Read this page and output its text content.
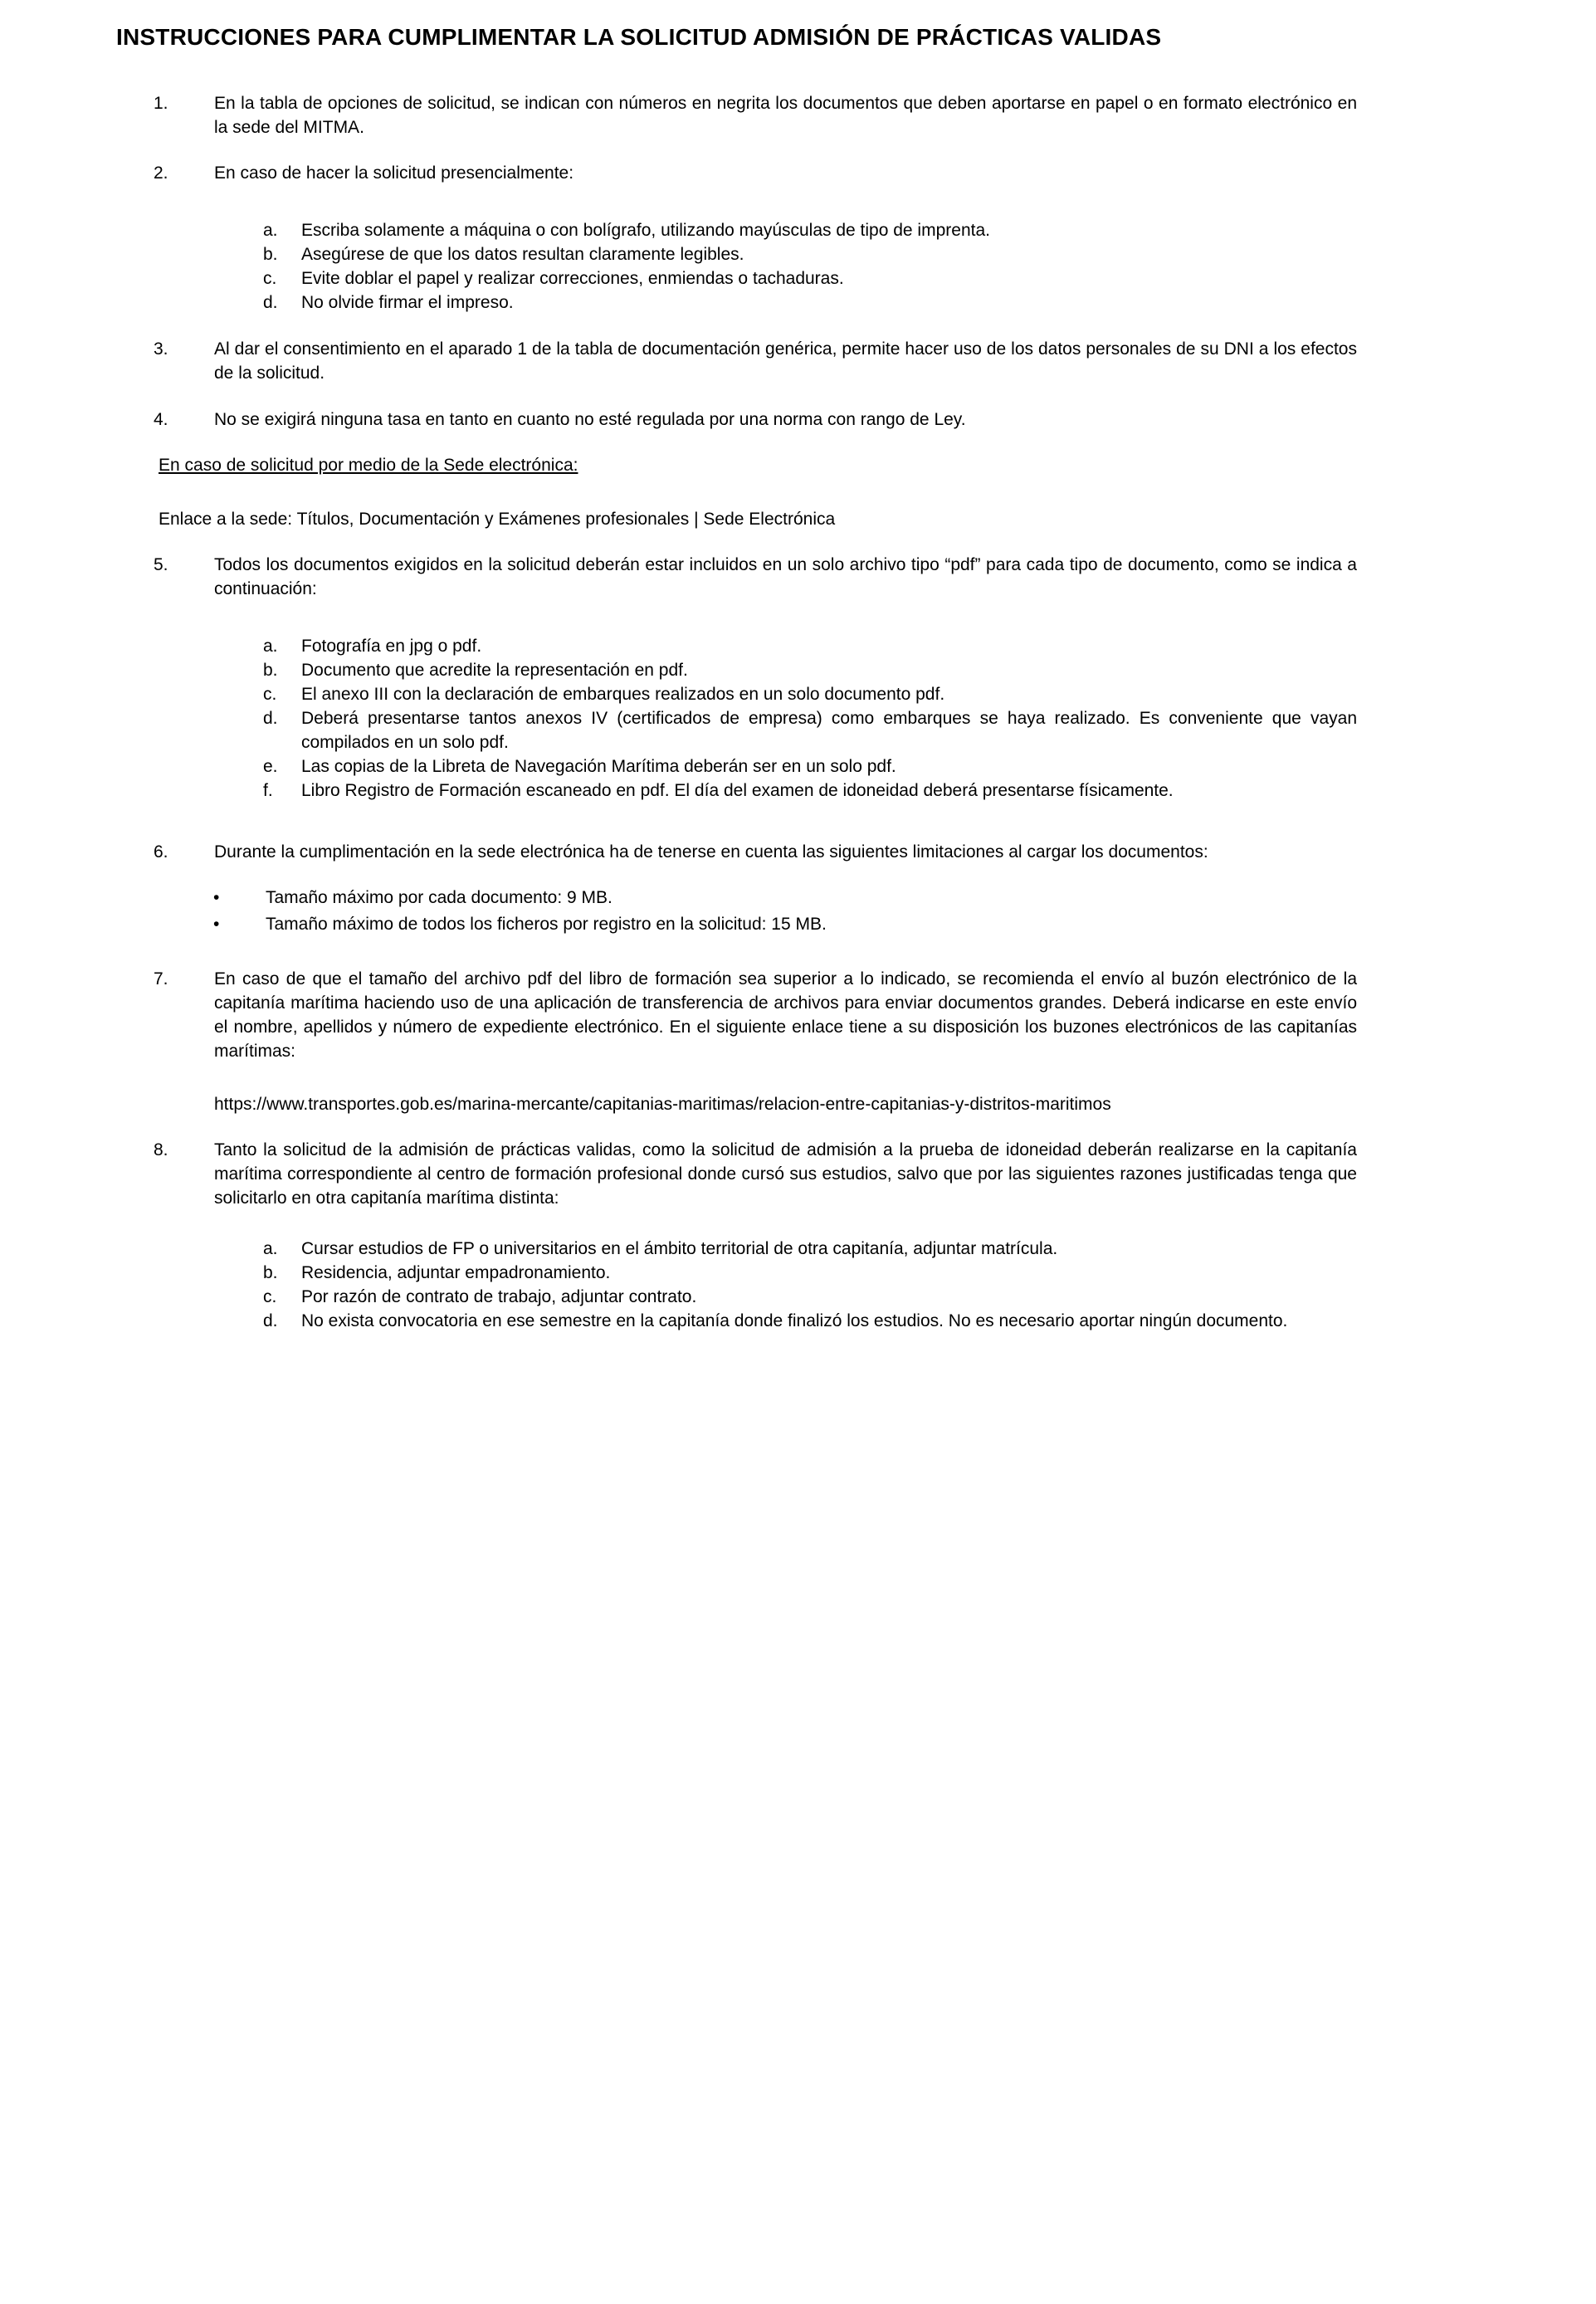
INSTRUCCIONES PARA CUMPLIMENTAR LA SOLICITUD ADMISIÓN DE PRÁCTICAS VALIDAS
1.	En la tabla de opciones de solicitud, se indican con números en negrita los documentos que deben aportarse en papel o en formato electrónico en la sede del MITMA.
2.	En caso de hacer la solicitud presencialmente:
a.	Escriba solamente a máquina o con bolígrafo, utilizando mayúsculas de tipo de imprenta.
b.	Asegúrese de que los datos resultan claramente legibles.
c.	Evite doblar el papel y realizar correcciones, enmiendas o tachaduras.
d.	No olvide firmar el impreso.
3.	Al dar el consentimiento en el aparado 1 de la tabla de documentación genérica, permite hacer uso de los datos personales de su DNI a los efectos de la solicitud.
4.	No se exigirá ninguna tasa en tanto en cuanto no esté regulada por una norma con rango de Ley.
En caso de solicitud por medio de la Sede electrónica:
Enlace a la sede: Títulos, Documentación y Exámenes profesionales | Sede Electrónica
5.	Todos los documentos exigidos en la solicitud deberán estar incluidos en un solo archivo tipo “pdf” para cada tipo de documento, como se indica a continuación:
a.	Fotografía en jpg o pdf.
b.	Documento que acredite la representación en pdf.
c.	El anexo III con la declaración de embarques realizados en un solo documento pdf.
d.	Deberá presentarse tantos anexos IV (certificados de empresa) como embarques se haya realizado. Es conveniente que vayan compilados en un solo pdf.
e.	Las copias de la Libreta de Navegación Marítima deberán ser en un solo pdf.
f.	Libro Registro de Formación escaneado en pdf. El día del examen de idoneidad deberá presentarse físicamente.
6.	Durante la cumplimentación en la sede electrónica ha de tenerse en cuenta las siguientes limitaciones al cargar los documentos:
•	Tamaño máximo por cada documento: 9 MB.
•	Tamaño máximo de todos los ficheros por registro en la solicitud: 15 MB.
7.	En caso de que el tamaño del archivo pdf del libro de formación sea superior a lo indicado, se recomienda el envío al buzón electrónico de la capitanía marítima haciendo uso de una aplicación de transferencia de archivos para enviar documentos grandes. Deberá indicarse en este envío el nombre, apellidos y número de expediente electrónico. En el siguiente enlace tiene a su disposición los buzones electrónicos de las capitanías marítimas:
https://www.transportes.gob.es/marina-mercante/capitanias-maritimas/relacion-entre-capitanias-y-distritos-maritimos
8.	Tanto la solicitud de la admisión de prácticas validas, como la solicitud de admisión a la prueba de idoneidad deberán realizarse en la capitanía marítima correspondiente al centro de formación profesional donde cursó sus estudios, salvo que por las siguientes razones justificadas tenga que solicitarlo en otra capitanía marítima distinta:
a.	Cursar estudios de FP o universitarios en el ámbito territorial de otra capitanía, adjuntar matrícula.
b.	Residencia, adjuntar empadronamiento.
c.	Por razón de contrato de trabajo, adjuntar contrato.
d.	No exista convocatoria en ese semestre en la capitanía donde finalizó los estudios. No es necesario aportar ningún documento.
